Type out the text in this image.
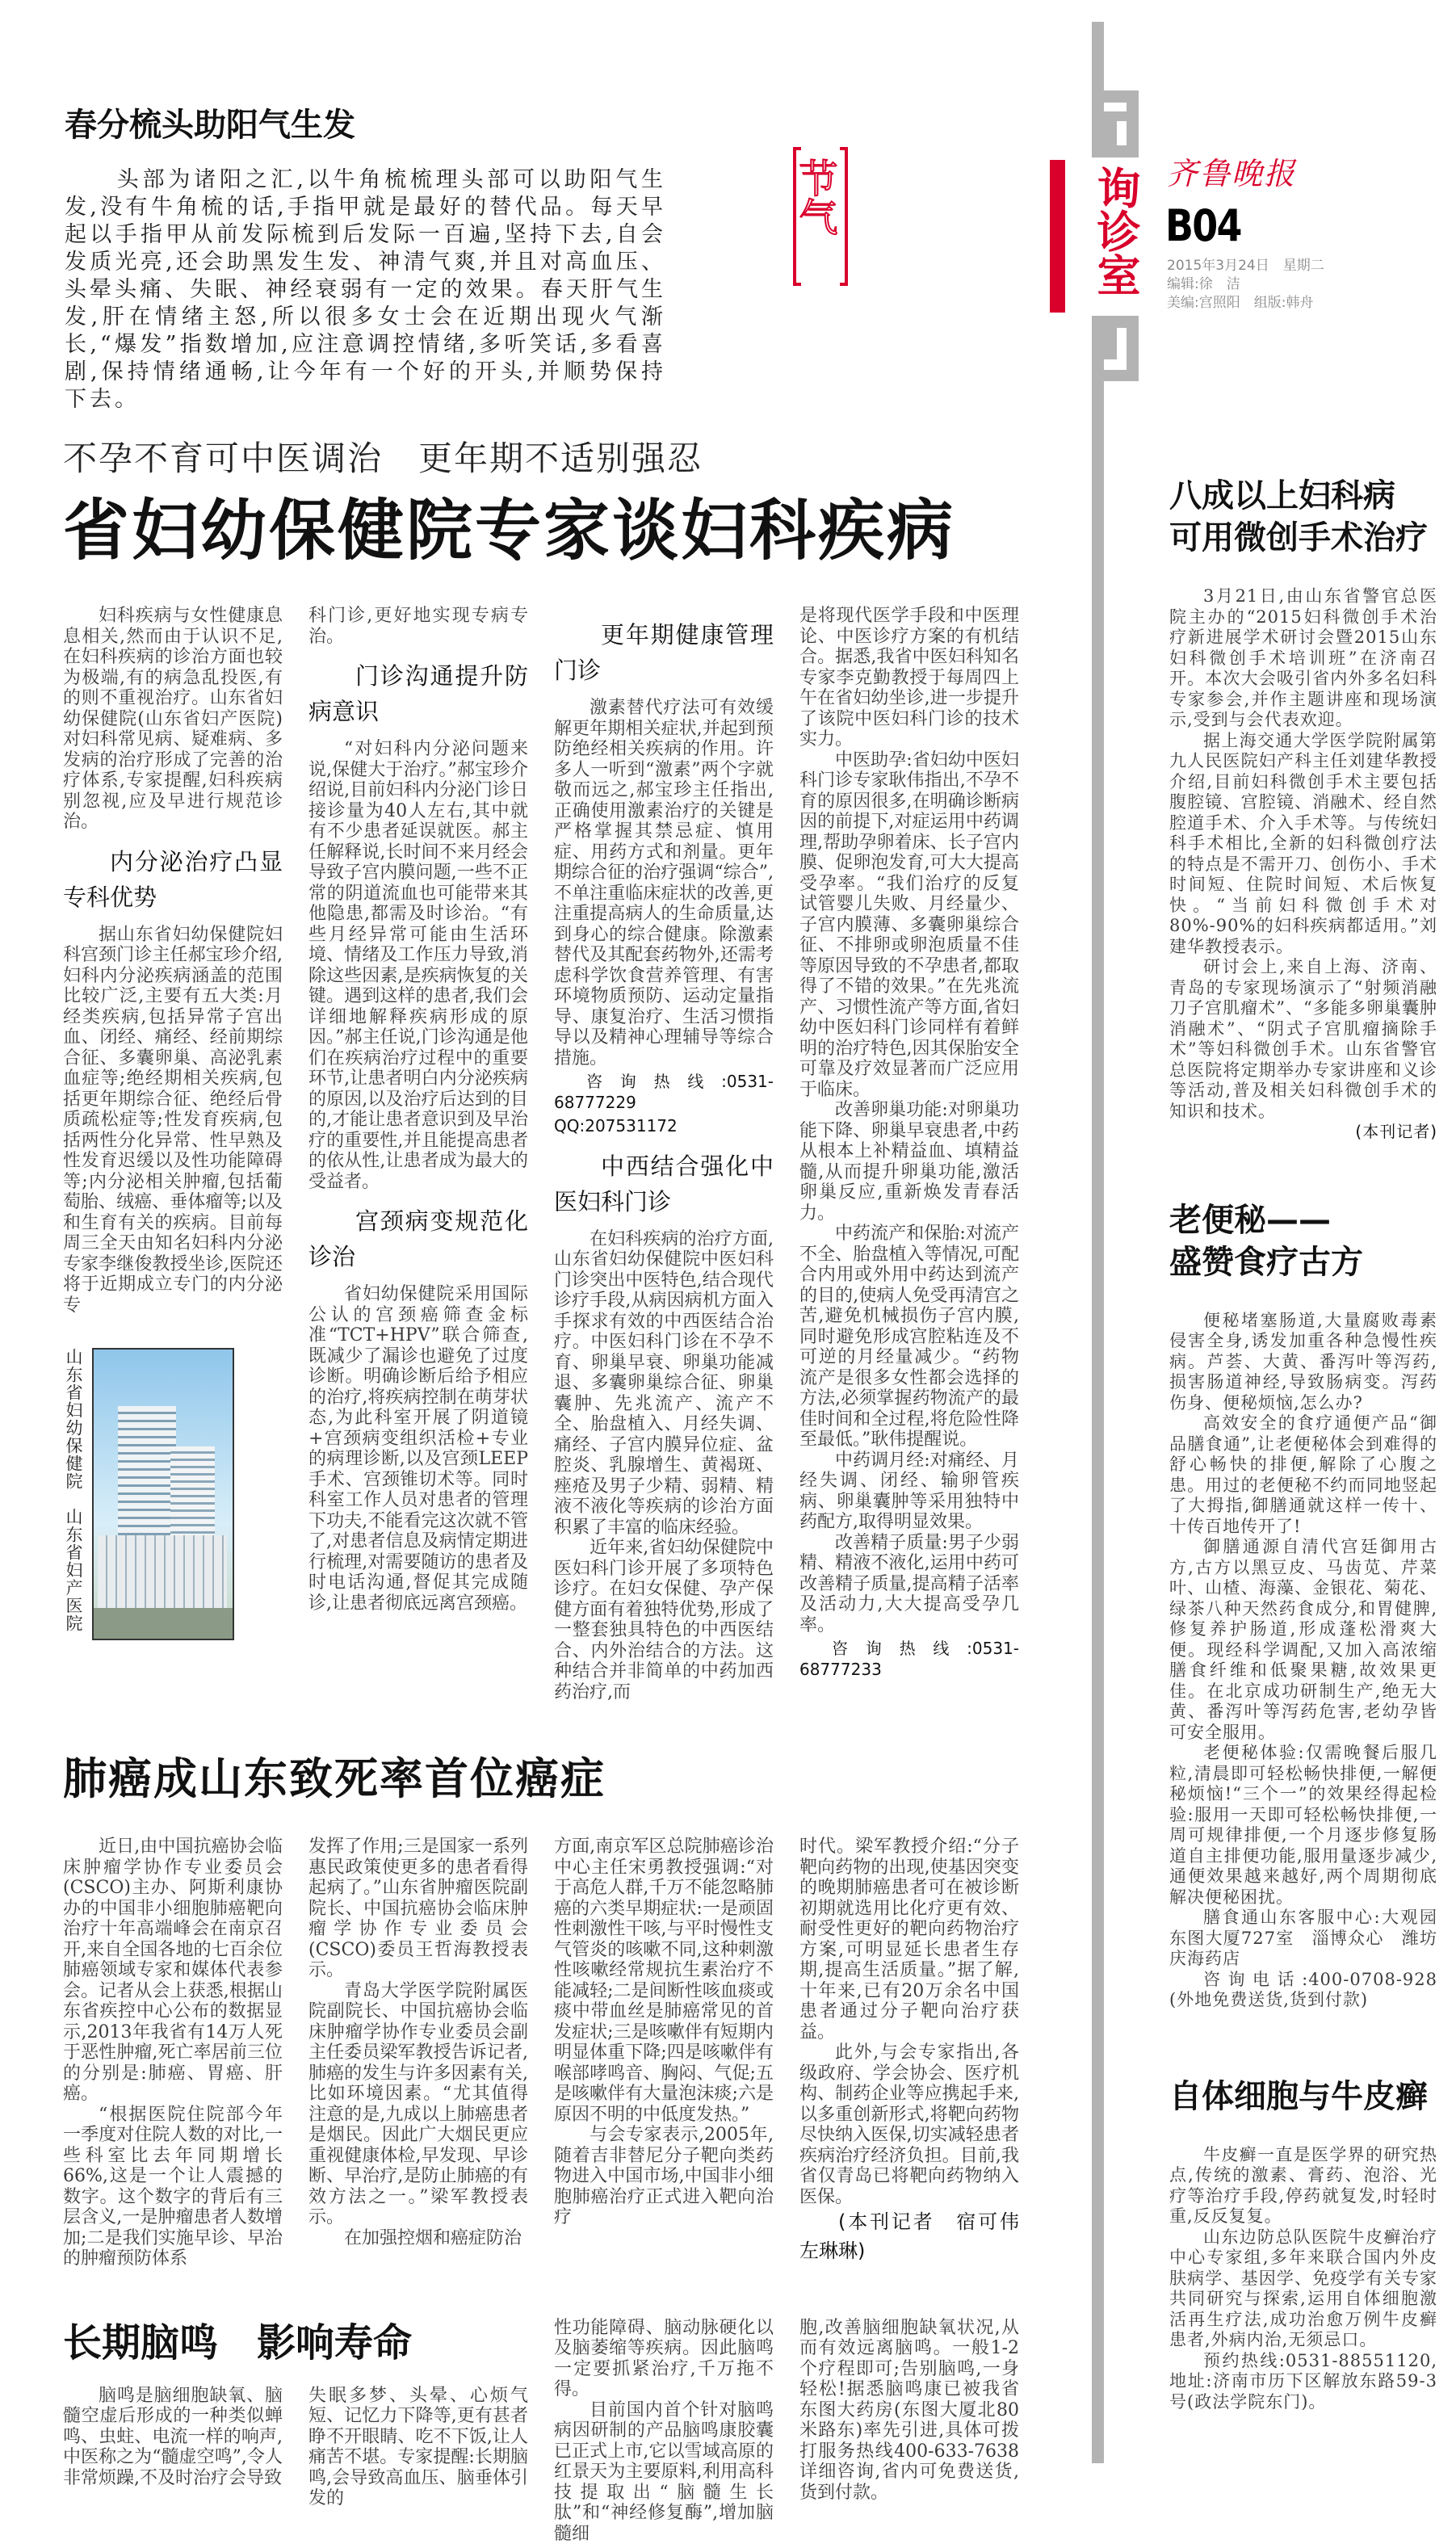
询诊室 齐鲁晚报
B04
2015年3月24日　星期二
编辑:徐　洁
美编:宫照阳　组版:韩舟
节气
春分梳头助阳气生发
头部为诸阳之汇,以牛角梳梳理头部可以助阳气生发,没有牛角梳的话,手指甲就是最好的替代品。每天早起以手指甲从前发际梳到后发际一百遍,坚持下去,自会发质光亮,还会助黑发生发、神清气爽,并且对高血压、头晕头痛、失眠、神经衰弱有一定的效果。春天肝气生发,肝在情绪主怒,所以很多女士会在近期出现火气渐长,“爆发”指数增加,应注意调控情绪,多听笑话,多看喜剧,保持情绪通畅,让今年有一个好的开头,并顺势保持下去。
不孕不育可中医调治　更年期不适别强忍
省妇幼保健院专家谈妇科疾病

妇科疾病与女性健康息息相关,然而由于认识不足,在妇科疾病的诊治方面也较为极端,有的病急乱投医,有的则不重视治疗。山东省妇幼保健院(山东省妇产医院)对妇科常见病、疑难病、多发病的治疗形成了完善的治疗体系,专家提醒,妇科疾病别忽视,应及早进行规范诊治。

内分泌治疗凸显专科优势

据山东省妇幼保健院妇科宫颈门诊主任郝宝珍介绍,妇科内分泌疾病涵盖的范围比较广泛,主要有五大类:月经类疾病,包括异常子宫出血、闭经、痛经、经前期综合征、多囊卵巢、高泌乳素血症等;绝经期相关疾病,包括更年期综合征、绝经后骨质疏松症等;性发育疾病,包括两性分化异常、性早熟及性发育迟缓以及性功能障碍等;内分泌相关肿瘤,包括葡萄胎、绒癌、垂体瘤等;以及和生育有关的疾病。目前每周三全天由知名妇科内分泌专家李继俊教授坐诊,医院还将于近期成立专门的内分泌专

山东省妇幼保健院　山东省妇产医院

科门诊,更好地实现专病专治。

门诊沟通提升防病意识

“对妇科内分泌问题来说,保健大于治疗。”郝宝珍介绍说,目前妇科内分泌门诊日接诊量为40人左右,其中就有不少患者延误就医。郝主任解释说,长时间不来月经会导致子宫内膜问题,一些不正常的阴道流血也可能带来其他隐患,都需及时诊治。“有些月经异常可能由生活环境、情绪及工作压力导致,消除这些因素,是疾病恢复的关键。遇到这样的患者,我们会详细地解释疾病形成的原因。”郝主任说,门诊沟通是他们在疾病治疗过程中的重要环节,让患者明白内分泌疾病的原因,以及治疗后达到的目的,才能让患者意识到及早治疗的重要性,并且能提高患者的依从性,让患者成为最大的受益者。

宫颈病变规范化诊治

省妇幼保健院采用国际公认的宫颈癌筛查金标准“TCT+HPV”联合筛查,既减少了漏诊也避免了过度诊断。明确诊断后给予相应的治疗,将疾病控制在萌芽状态,为此科室开展了阴道镜+宫颈病变组织活检+专业的病理诊断,以及宫颈LEEP手术、宫颈锥切术等。同时科室工作人员对患者的管理下功夫,不能看完这次就不管了,对患者信息及病情定期进行梳理,对需要随访的患者及时电话沟通,督促其完成随诊,让患者彻底远离宫颈癌。

更年期健康管理门诊

激素替代疗法可有效缓解更年期相关症状,并起到预防绝经相关疾病的作用。许多人一听到“激素”两个字就敬而远之,郝宝珍主任指出,正确使用激素治疗的关键是严格掌握其禁忌症、慎用症、用药方式和剂量。更年期综合征的治疗强调“综合”,不单注重临床症状的改善,更注重提高病人的生命质量,达到身心的综合健康。除激素替代及其配套药物外,还需考虑科学饮食营养管理、有害环境物质预防、运动定量指导、康复治疗、生活习惯指导以及精神心理辅导等综合措施。

咨询热线:0531-68777229

QQ:207531172

中西结合强化中医妇科门诊

在妇科疾病的治疗方面,山东省妇幼保健院中医妇科门诊突出中医特色,结合现代诊疗手段,从病因病机方面入手探求有效的中西医结合治疗。中医妇科门诊在不孕不育、卵巢早衰、卵巢功能减退、多囊卵巢综合征、卵巢囊肿、先兆流产、流产不全、胎盘植入、月经失调、痛经、子宫内膜异位症、盆腔炎、乳腺增生、黄褐斑、痤疮及男子少精、弱精、精液不液化等疾病的诊治方面积累了丰富的临床经验。

近年来,省妇幼保健院中医妇科门诊开展了多项特色诊疗。在妇女保健、孕产保健方面有着独特优势,形成了一整套独具特色的中西医结合、内外治结合的方法。这种结合并非简单的中药加西药治疗,而

是将现代医学手段和中医理论、中医诊疗方案的有机结合。据悉,我省中医妇科知名专家李克勤教授于每周四上午在省妇幼坐诊,进一步提升了该院中医妇科门诊的技术实力。

中医助孕:省妇幼中医妇科门诊专家耿伟指出,不孕不育的原因很多,在明确诊断病因的前提下,对症运用中药调理,帮助孕卵着床、长子宫内膜、促卵泡发育,可大大提高受孕率。“我们治疗的反复试管婴儿失败、月经量少、子宫内膜薄、多囊卵巢综合征、不排卵或卵泡质量不佳等原因导致的不孕患者,都取得了不错的效果。”在先兆流产、习惯性流产等方面,省妇幼中医妇科门诊同样有着鲜明的治疗特色,因其保胎安全可靠及疗效显著而广泛应用于临床。

改善卵巢功能:对卵巢功能下降、卵巢早衰患者,中药从根本上补精益血、填精益髓,从而提升卵巢功能,激活卵巢反应,重新焕发青春活力。

中药流产和保胎:对流产不全、胎盘植入等情况,可配合内用或外用中药达到流产的目的,使病人免受再清宫之苦,避免机械损伤子宫内膜,同时避免形成宫腔粘连及不可逆的月经量减少。“药物流产是很多女性都会选择的方法,必须掌握药物流产的最佳时间和全过程,将危险性降至最低。”耿伟提醒说。

中药调月经:对痛经、月经失调、闭经、输卵管疾病、卵巢囊肿等采用独特中药配方,取得明显效果。

改善精子质量:男子少弱精、精液不液化,运用中药可改善精子质量,提高精子活率及活动力,大大提高受孕几率。

咨询热线:0531-68777233

肺癌成山东致死率首位癌症

近日,由中国抗癌协会临床肿瘤学协作专业委员会(CSCO)主办、阿斯利康协办的中国非小细胞肺癌靶向治疗十年高端峰会在南京召开,来自全国各地的七百余位肺癌领域专家和媒体代表参会。记者从会上获悉,根据山东省疾控中心公布的数据显示,2013年我省有14万人死于恶性肿瘤,死亡率居前三位的分别是:肺癌、胃癌、肝癌。

“根据医院住院部今年一季度对住院人数的对比,一些科室比去年同期增长66%,这是一个让人震撼的数字。这个数字的背后有三层含义,一是肿瘤患者人数增加;二是我们实施早诊、早治的肿瘤预防体系

发挥了作用;三是国家一系列惠民政策使更多的患者看得起病了。”山东省肿瘤医院副院长、中国抗癌协会临床肿瘤学协作专业委员会(CSCO)委员王哲海教授表示。

青岛大学医学院附属医院副院长、中国抗癌协会临床肿瘤学协作专业委员会副主任委员梁军教授告诉记者,肺癌的发生与许多因素有关,比如环境因素。“尤其值得注意的是,九成以上肺癌患者是烟民。因此广大烟民更应重视健康体检,早发现、早诊断、早治疗,是防止肺癌的有效方法之一。”梁军教授表示。

在加强控烟和癌症防治

方面,南京军区总院肺癌诊治中心主任宋勇教授强调:“对于高危人群,千万不能忽略肺癌的六类早期症状:一是顽固性刺激性干咳,与平时慢性支气管炎的咳嗽不同,这种刺激性咳嗽经常规抗生素治疗不能减轻;二是间断性咳血痰或痰中带血丝是肺癌常见的首发症状;三是咳嗽伴有短期内明显体重下降;四是咳嗽伴有喉部哮鸣音、胸闷、气促;五是咳嗽伴有大量泡沫痰;六是原因不明的中低度发热。”

与会专家表示,2005年,随着吉非替尼分子靶向类药物进入中国市场,中国非小细胞肺癌治疗正式进入靶向治疗

时代。梁军教授介绍:“分子靶向药物的出现,使基因突变的晚期肺癌患者可在被诊断初期就选用比化疗更有效、耐受性更好的靶向药物治疗方案,可明显延长患者生存期,提高生活质量。”据了解,十年来,已有20万余名中国患者通过分子靶向治疗获益。

此外,与会专家指出,各级政府、学会协会、医疗机构、制药企业等应携起手来,以多重创新形式,将靶向药物尽快纳入医保,切实减轻患者疾病治疗经济负担。目前,我省仅青岛已将靶向药物纳入医保。

(本刊记者　宿可伟　左琳琳)

长期脑鸣　影响寿命

脑鸣是脑细胞缺氧、脑髓空虚后形成的一种类似蝉鸣、虫蛀、电流一样的响声,中医称之为“髓虚空鸣”,令人非常烦躁,不及时治疗会导致

失眠多梦、头晕、心烦气短、记忆力下降等,更有甚者睁不开眼睛、吃不下饭,让人痛苦不堪。专家提醒:长期脑鸣,会导致高血压、脑垂体引发的

性功能障碍、脑动脉硬化以及脑萎缩等疾病。因此脑鸣一定要抓紧治疗,千万拖不得。

目前国内首个针对脑鸣病因研制的产品脑鸣康胶囊已正式上市,它以雪域高原的红景天为主要原料,利用高科技提取出“脑髓生长肽”和“神经修复酶”,增加脑髓细

胞,改善脑细胞缺氧状况,从而有效远离脑鸣。一般1-2个疗程即可;告别脑鸣,一身轻松!据悉脑鸣康已被我省东图大药房(东图大厦北80米路东)率先引进,具体可拨打服务热线400-633-7638详细咨询,省内可免费送货,货到付款。

八成以上妇科病
可用微创手术治疗

3月21日,由山东省警官总医院主办的“2015妇科微创手术治疗新进展学术研讨会暨2015山东妇科微创手术培训班”在济南召开。本次大会吸引省内外多名妇科专家参会,并作主题讲座和现场演示,受到与会代表欢迎。

据上海交通大学医学院附属第九人民医院妇产科主任刘建华教授介绍,目前妇科微创手术主要包括腹腔镜、宫腔镜、消融术、经自然腔道手术、介入手术等。与传统妇科手术相比,全新的妇科微创疗法的特点是不需开刀、创伤小、手术时间短、住院时间短、术后恢复快。“当前妇科微创手术对80%-90%的妇科疾病都适用。”刘建华教授表示。

研讨会上,来自上海、济南、青岛的专家现场演示了“射频消融刀子宫肌瘤术”、“多能多卵巢囊肿消融术”、“阴式子宫肌瘤摘除手术”等妇科微创手术。山东省警官总医院将定期举办专家讲座和义诊等活动,普及相关妇科微创手术的知识和技术。

(本刊记者)
老便秘——
盛赞食疗古方

便秘堵塞肠道,大量腐败毒素侵害全身,诱发加重各种急慢性疾病。芦荟、大黄、番泻叶等泻药,损害肠道神经,导致肠病变。泻药伤身、便秘烦恼,怎么办?

高效安全的食疗通便产品“御品膳食通”,让老便秘体会到难得的舒心畅快的排便,解除了心腹之患。用过的老便秘不约而同地竖起了大拇指,御膳通就这样一传十、十传百地传开了!

御膳通源自清代宫廷御用古方,古方以黑豆皮、马齿苋、芹菜叶、山楂、海藻、金银花、菊花、绿茶八种天然药食成分,和胃健脾,修复养护肠道,形成蓬松滑爽大便。现经科学调配,又加入高浓缩膳食纤维和低聚果糖,故效果更佳。在北京成功研制生产,绝无大黄、番泻叶等泻药危害,老幼孕皆可安全服用。

老便秘体验:仅需晚餐后服几粒,清晨即可轻松畅快排便,一解便秘烦恼!“三个一”的效果经得起检验:服用一天即可轻松畅快排便,一周可规律排便,一个月逐步修复肠道自主排便功能,服用量逐步减少,通便效果越来越好,两个周期彻底解决便秘困扰。

膳食通山东客服中心:大观园东图大厦727室　淄博众心　潍坊庆海药店

咨询电话:400-0708-928　(外地免费送货,货到付款)

自体细胞与牛皮癣

牛皮癣一直是医学界的研究热点,传统的激素、膏药、泡浴、光疗等治疗手段,停药就复发,时轻时重,反反复复。

山东边防总队医院牛皮癣治疗中心专家组,多年来联合国内外皮肤病学、基因学、免疫学有关专家共同研究与探索,运用自体细胞激活再生疗法,成功治愈万例牛皮癣患者,外病内治,无须忌口。

预约热线:0531-88551120,地址:济南市历下区解放东路59-3号(政法学院东门)。
